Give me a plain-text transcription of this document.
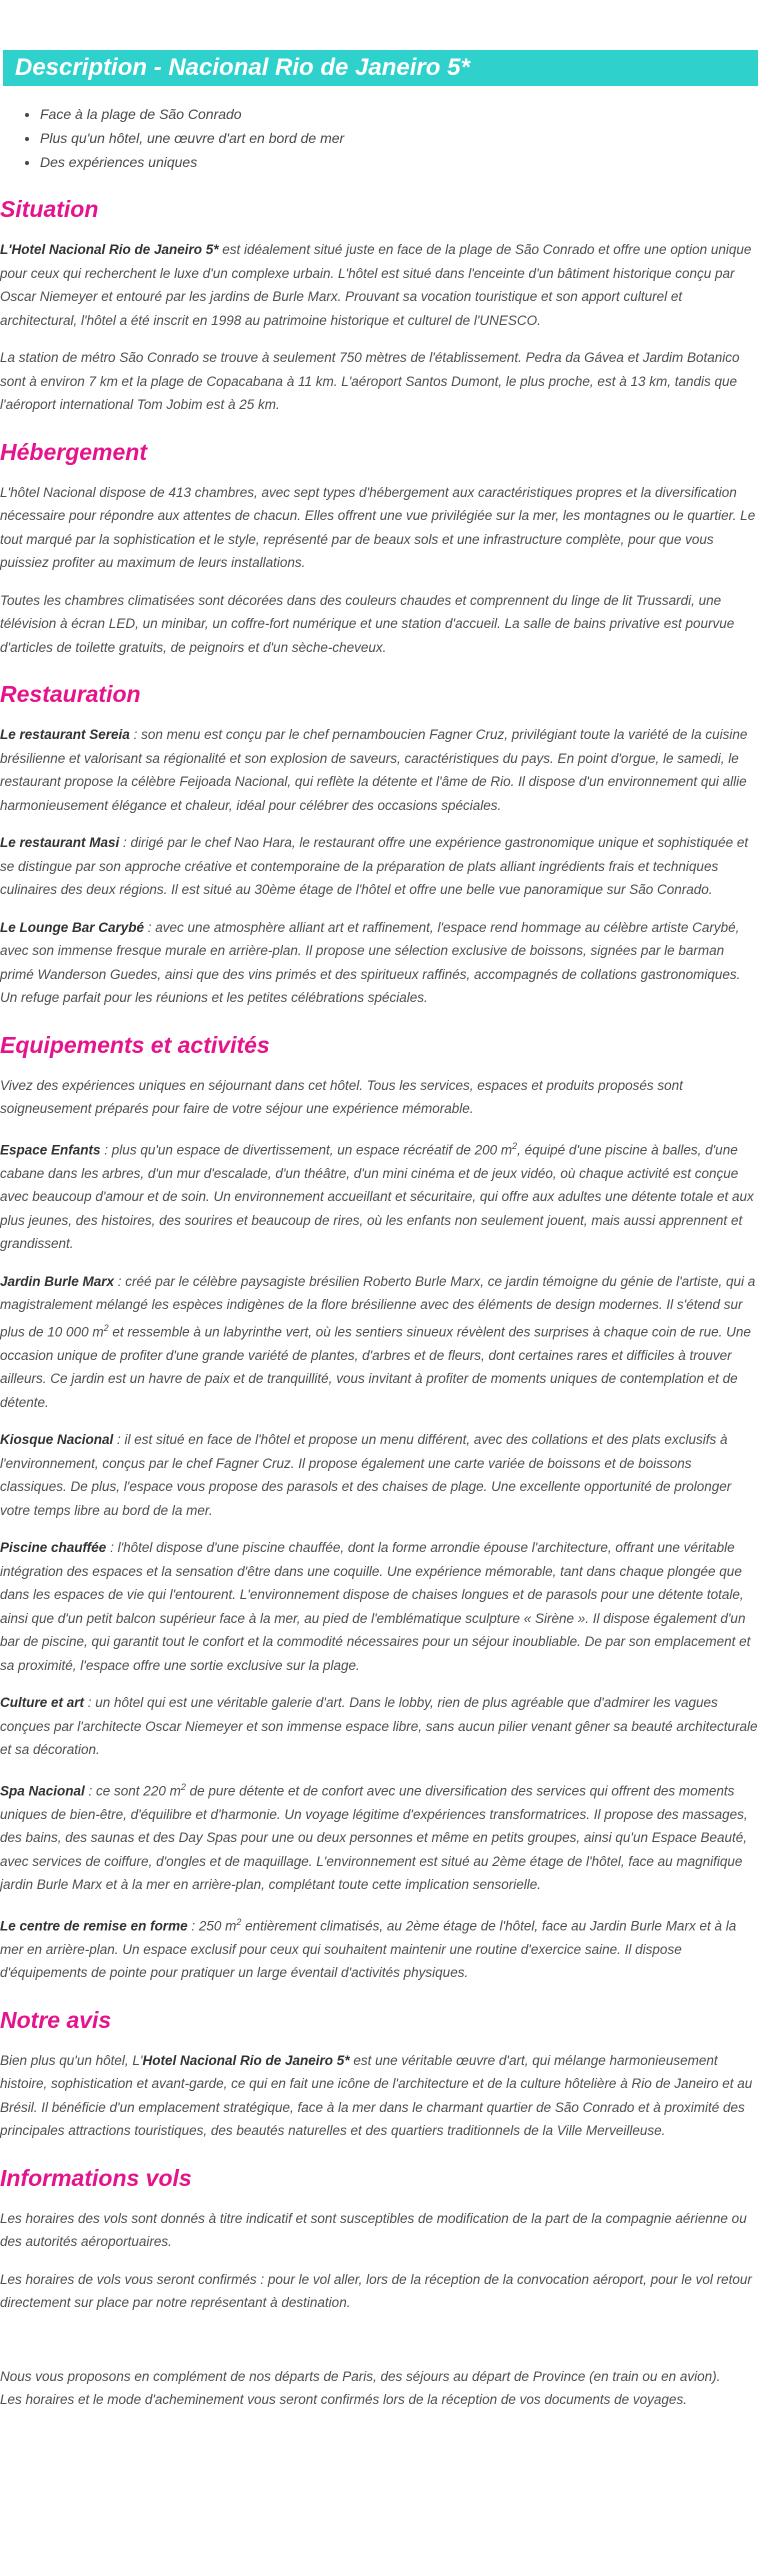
Description - Nacional Rio de Janeiro 5*
• Face à la plage de São Conrado
• Plus qu'un hôtel, une œuvre d'art en bord de mer
• Des expériences uniques
Situation

L'Hotel Nacional Rio de Janeiro 5* est idéalement situé juste en face de la plage de São Conrado et offre une option unique pour ceux qui recherchent le luxe d'un complexe urbain. L'hôtel est situé dans l'enceinte d'un bâtiment historique conçu par Oscar Niemeyer et entouré par les jardins de Burle Marx. Prouvant sa vocation touristique et son apport culturel et architectural, l'hôtel a été inscrit en 1998 au patrimoine historique et culturel de l'UNESCO.

La station de métro São Conrado se trouve à seulement 750 mètres de l'établissement. Pedra da Gávea et Jardim Botanico sont à environ 7 km et la plage de Copacabana à 11 km. L'aéroport Santos Dumont, le plus proche, est à 13 km, tandis que l'aéroport international Tom Jobim est à 25 km.

Hébergement

L'hôtel Nacional dispose de 413 chambres, avec sept types d'hébergement aux caractéristiques propres et la diversification nécessaire pour répondre aux attentes de chacun. Elles offrent une vue privilégiée sur la mer, les montagnes ou le quartier. Le tout marqué par la sophistication et le style, représenté par de beaux sols et une infrastructure complète, pour que vous puissiez profiter au maximum de leurs installations.

Toutes les chambres climatisées sont décorées dans des couleurs chaudes et comprennent du linge de lit Trussardi, une télévision à écran LED, un minibar, un coffre-fort numérique et une station d'accueil. La salle de bains privative est pourvue d'articles de toilette gratuits, de peignoirs et d'un sèche-cheveux.

Restauration

Le restaurant Sereia : son menu est conçu par le chef pernamboucien Fagner Cruz, privilégiant toute la variété de la cuisine brésilienne et valorisant sa régionalité et son explosion de saveurs, caractéristiques du pays. En point d'orgue, le samedi, le restaurant propose la célèbre Feijoada Nacional, qui reflète la détente et l'âme de Rio. Il dispose d'un environnement qui allie harmonieusement élégance et chaleur, idéal pour célébrer des occasions spéciales.

Le restaurant Masi : dirigé par le chef Nao Hara, le restaurant offre une expérience gastronomique unique et sophistiquée et se distingue par son approche créative et contemporaine de la préparation de plats alliant ingrédients frais et techniques culinaires des deux régions. Il est situé au 30ème étage de l'hôtel et offre une belle vue panoramique sur São Conrado.

Le Lounge Bar Carybé : avec une atmosphère alliant art et raffinement, l'espace rend hommage au célèbre artiste Carybé, avec son immense fresque murale en arrière-plan. Il propose une sélection exclusive de boissons, signées par le barman primé Wanderson Guedes, ainsi que des vins primés et des spiritueux raffinés, accompagnés de collations gastronomiques. Un refuge parfait pour les réunions et les petites célébrations spéciales.

Equipements et activités

Vivez des expériences uniques en séjournant dans cet hôtel. Tous les services, espaces et produits proposés sont soigneusement préparés pour faire de votre séjour une expérience mémorable.

Espace Enfants : plus qu'un espace de divertissement, un espace récréatif de 200 $m^2$, équipé d'une piscine à balles, d'une cabane dans les arbres, d'un mur d'escalade, d'un théâtre, d'un mini cinéma et de jeux vidéo, où chaque activité est conçue avec beaucoup d'amour et de soin. Un environnement accueillant et sécuritaire, qui offre aux adultes une détente totale et aux plus jeunes, des histoires, des sourires et beaucoup de rires, où les enfants non seulement jouent, mais aussi apprennent et grandissent.

Jardin Burle Marx : créé par le célèbre paysagiste brésilien Roberto Burle Marx, ce jardin témoigne du génie de l'artiste, qui a magistralement mélangé les espèces indigènes de la flore brésilienne avec des éléments de design modernes. Il s'étend sur plus de 10 000 $m^2$ et ressemble à un labyrinthe vert, où les sentiers sinueux révèlent des surprises à chaque coin de rue. Une occasion unique de profiter d'une grande variété de plantes, d'arbres et de fleurs, dont certaines rares et difficiles à trouver ailleurs. Ce jardin est un havre de paix et de tranquillité, vous invitant à profiter de moments uniques de contemplation et de détente.

Kiosque Nacional : il est situé en face de l'hôtel et propose un menu différent, avec des collations et des plats exclusifs à l'environnement, conçus par le chef Fagner Cruz. Il propose également une carte variée de boissons et de boissons classiques. De plus, l'espace vous propose des parasols et des chaises de plage. Une excellente opportunité de prolonger votre temps libre au bord de la mer.

Piscine chauffée : l'hôtel dispose d'une piscine chauffée, dont la forme arrondie épouse l'architecture, offrant une véritable intégration des espaces et la sensation d'être dans une coquille. Une expérience mémorable, tant dans chaque plongée que dans les espaces de vie qui l'entourent. L'environnement dispose de chaises longues et de parasols pour une détente totale, ainsi que d'un petit balcon supérieur face à la mer, au pied de l'emblématique sculpture « Sirène ». Il dispose également d'un bar de piscine, qui garantit tout le confort et la commodité nécessaires pour un séjour inoubliable. De par son emplacement et sa proximité, l'espace offre une sortie exclusive sur la plage.

Culture et art : un hôtel qui est une véritable galerie d'art. Dans le lobby, rien de plus agréable que d'admirer les vagues conçues par l'architecte Oscar Niemeyer et son immense espace libre, sans aucun pilier venant gêner sa beauté architecturale et sa décoration.

Spa Nacional : ce sont 220 $m^2$ de pure détente et de confort avec une diversification des services qui offrent des moments uniques de bien-être, d'équilibre et d'harmonie. Un voyage légitime d'expériences transformatrices. Il propose des massages, des bains, des saunas et des Day Spas pour une ou deux personnes et même en petits groupes, ainsi qu'un Espace Beauté, avec services de coiffure, d'ongles et de maquillage. L'environnement est situé au 2ème étage de l'hôtel, face au magnifique jardin Burle Marx et à la mer en arrière-plan, complétant toute cette implication sensorielle.

Le centre de remise en forme : 250 $m^2$ entièrement climatisés, au 2ème étage de l'hôtel, face au Jardin Burle Marx et à la mer en arrière-plan. Un espace exclusif pour ceux qui souhaitent maintenir une routine d'exercice saine. Il dispose d'équipements de pointe pour pratiquer un large éventail d'activités physiques.

Notre avis

Bien plus qu'un hôtel, L'Hotel Nacional Rio de Janeiro 5* est une véritable œuvre d'art, qui mélange harmonieusement histoire, sophistication et avant-garde, ce qui en fait une icône de l'architecture et de la culture hôtelière à Rio de Janeiro et au Brésil. Il bénéficie d'un emplacement stratégique, face à la mer dans le charmant quartier de São Conrado et à proximité des principales attractions touristiques, des beautés naturelles et des quartiers traditionnels de la Ville Merveilleuse.

Informations vols

Les horaires des vols sont donnés à titre indicatif et sont susceptibles de modification de la part de la compagnie aérienne ou des autorités aéroportuaires.

Les horaires de vols vous seront confirmés : pour le vol aller, lors de la réception de la convocation aéroport, pour le vol retour directement sur place par notre représentant à destination.

Nous vous proposons en complément de nos départs de Paris, des séjours au départ de Province (en train ou en avion).
Les horaires et le mode d'acheminement vous seront confirmés lors de la réception de vos documents de voyages.
